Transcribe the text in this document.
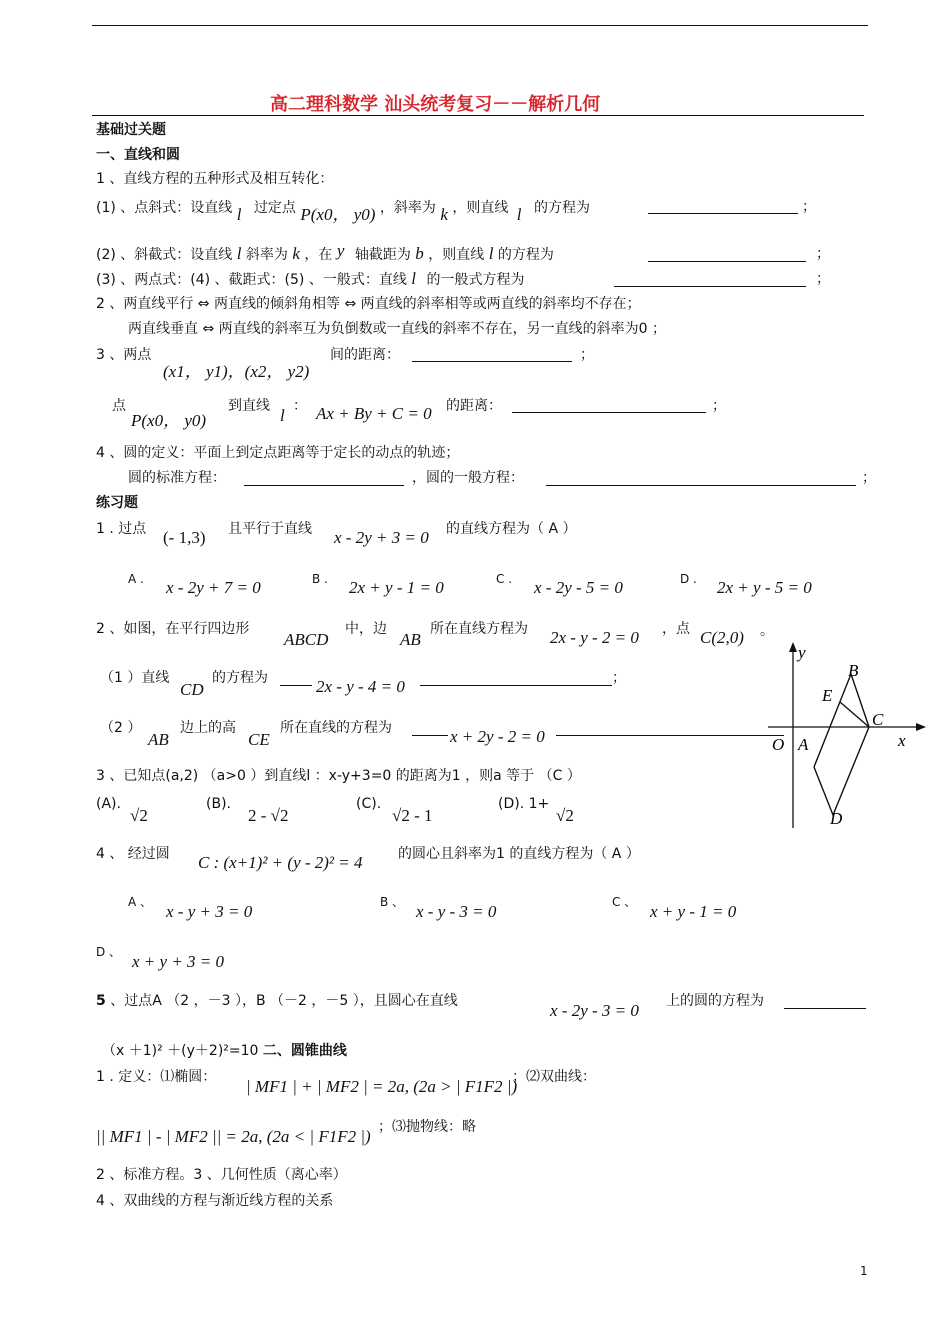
高二理科数学 汕头统考复习－－解析几何
基础过关题
一、直线和圆
1 、直线方程的五种形式及相互转化：
(1) 、点斜式：设直线 l 过定点 P(x0， y0) ，斜率为 k ，则直线 l 的方程为	；
(2) 、斜截式：设直线 l 斜率为 k ，在 y 轴截距为 b ，则直线 l 的方程为	；
(3) 、两点式：(4) 、截距式：(5) 、一般式：直线 l 的一般式方程为	；
2 、两直线平行 ⇔ 两直线的倾斜角相等 ⇔ 两直线的斜率相等或两直线的斜率均不存在；
两直线垂直 ⇔ 两直线的斜率互为负倒数或一直线的斜率不存在，另一直线的斜率为0 ；
3 、两点
(x1， y1)，(x2， y2)
间的距离：	；
点
P(x0， y0)
到直线 l ： Ax + By + C = 0 的距离：	；
4 、圆的定义：平面上到定点距离等于定长的动点的轨迹；
圆的标准方程：	，圆的一般方程：	；
练习题
1 . 过点 (- 1,3) 且平行于直线 x - 2y + 3 = 0 的直线方程为（ A ）
A . x - 2y + 7 = 0	B . 2x + y - 1 = 0	C . x - 2y - 5 = 0	D . 2x + y - 5 = 0
2 、如图，在平行四边形
ABCD
中，边
AB
所在直线方程为 2x - y - 2 = 0 ，点 C(2,0) 。
（1 ）直线
CD
的方程为	2x - y - 4 = 0	；
（2 ）
AB
边上的高
CE
所在直线的方程为	x + 2y - 2 = 0
y
x
O A
B
C
D
E
3 、已知点(a,2) （a>0 ）到直线l ：x-y+3=0 的距离为1 ，则a 等于 （C ）
(A).
√2
(B).
2 - √2
(C).
√2 - 1
(D). 1+
√2
4 、 经过圆 C : (x+1)² + (y - 2)² = 4	的圆心且斜率为1 的直线方程为（ A ）
A 、 x - y + 3 = 0	B 、 x - y - 3 = 0	C 、 x + y - 1 = 0
D 、 x + y + 3 = 0
5 、过点A （2 ，－3 ），B （－2 ，－5 ），且圆心在直线	x - 2y - 3 = 0 上的圆的方程为
（x ＋1)² ＋(y＋2)²=10 二、圆锥曲线
1 . 定义：⑴椭圆： | MF1 | + | MF2 | = 2a, (2a > | F1F2 |)
；⑵双曲线：
|| MF1 | - | MF2 || = 2a, (2a < | F1F2 |) ；⑶抛物线：略
2 、标准方程。3 、几何性质（离心率）
4 、双曲线的方程与渐近线方程的关系
1
